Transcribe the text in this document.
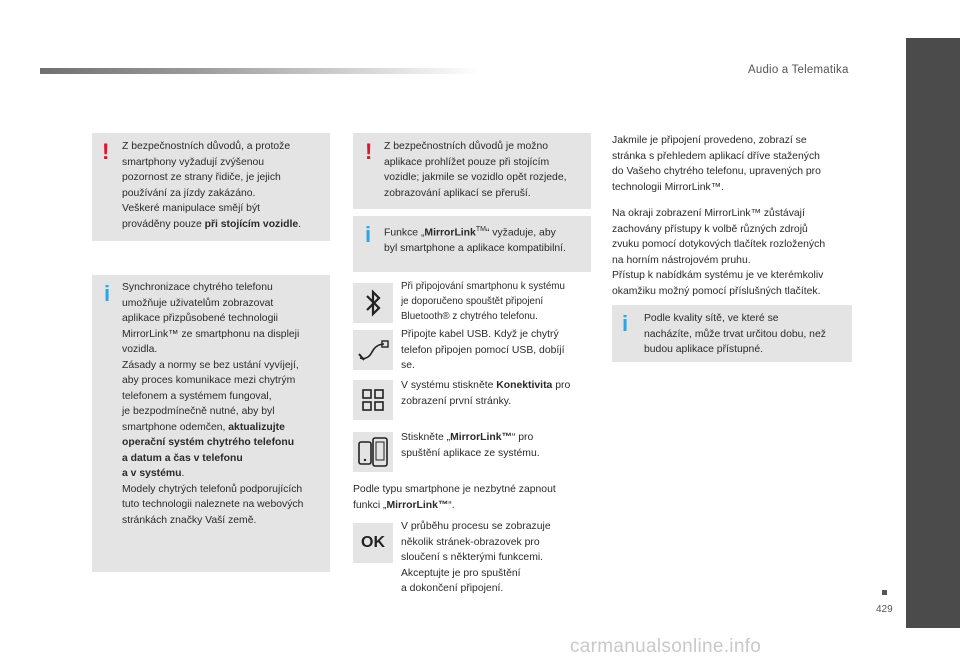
Audio a Telematika
429
! Z bezpečnostních důvodů, a protože
smartphony vyžadují zvýšenou
pozornost ze strany řidiče, je jejich
používání za jízdy zakázáno.
Veškeré manipulace smějí být
prováděny pouze při stojícím vozidle.
i Synchronizace chytrého telefonu
umožňuje uživatelům zobrazovat
aplikace přizpůsobené technologii
MirrorLink™ ze smartphonu na displeji
vozidla.
Zásady a normy se bez ustání vyvíjejí,
aby proces komunikace mezi chytrým
telefonem a systémem fungoval,
je bezpodmínečně nutné, aby byl
smartphone odemčen, aktualizujte
operační systém chytrého telefonu
a datum a čas v telefonu
a v systému.
Modely chytrých telefonů podporujících
tuto technologii naleznete na webových
stránkách značky Vaší země.
! Z bezpečnostních důvodů je možno
aplikace prohlížet pouze při stojícím
vozidle; jakmile se vozidlo opět rozjede,
zobrazování aplikací se přeruší.
i Funkce „MirrorLink™“ vyžaduje, aby
byl smartphone a aplikace kompatibilní.
Při připojování smartphonu k systému
je doporučeno spouštět připojení
Bluetooth® z chytrého telefonu.
Připojte kabel USB. Když je chytrý
telefon připojen pomocí USB, dobíjí
se.
V systému stiskněte Konektivita pro
zobrazení první stránky.
Stiskněte „MirrorLink™“ pro
spuštění aplikace ze systému.
Podle typu smartphone je nezbytné zapnout
funkci „MirrorLink™“.
OK
V průběhu procesu se zobrazuje
několik stránek-obrazovek pro
sloučení s některými funkcemi.
Akceptujte je pro spuštění
a dokončení připojení.
Jakmile je připojení provedeno, zobrazí se
stránka s přehledem aplikací dříve stažených
do Vašeho chytrého telefonu, upravených pro
technologii MirrorLink™.
Na okraji zobrazení MirrorLink™ zůstávají
zachovány přístupy k volbě různých zdrojů
zvuku pomocí dotykových tlačítek rozložených
na horním nástrojovém pruhu.
Přístup k nabídkám systému je ve kterémkoliv
okamžiku možný pomocí příslušných tlačítek.
i Podle kvality sítě, ve které se
nacházíte, může trvat určitou dobu, než
budou aplikace přístupné.
carmanualsonline.info
